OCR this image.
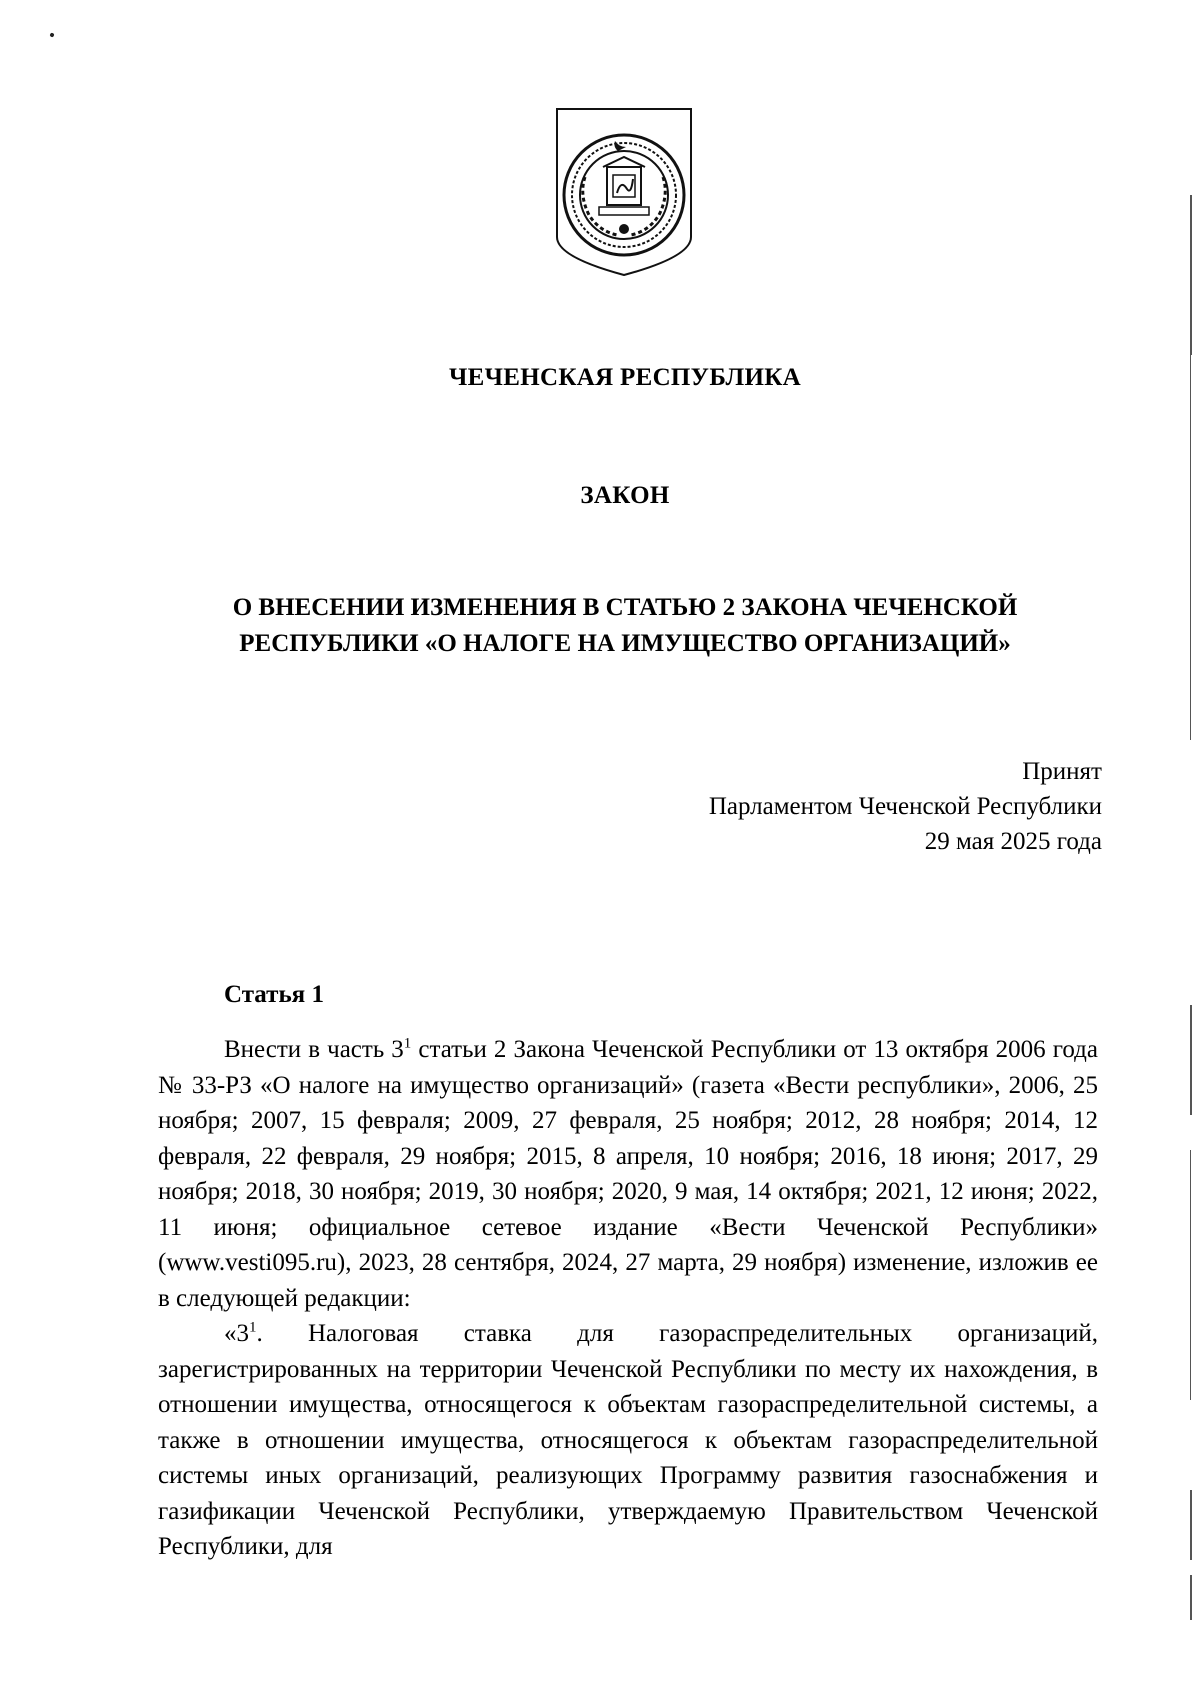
ЧЕЧЕНСКАЯ РЕСПУБЛИКА
ЗАКОН
О ВНЕСЕНИИ ИЗМЕНЕНИЯ В СТАТЬЮ 2 ЗАКОНА ЧЕЧЕНСКОЙ
РЕСПУБЛИКИ «О НАЛОГЕ НА ИМУЩЕСТВО ОРГАНИЗАЦИЙ»
Принят
Парламентом Чеченской Республики
29 мая 2025 года
Статья 1

Внести в часть $3^1$ статьи 2 Закона Чеченской Республики от 13 октября 2006 года № 33-РЗ «О налоге на имущество организаций» (газета «Вести республики», 2006, 25 ноября; 2007, 15 февраля; 2009, 27 февраля, 25 ноября; 2012, 28 ноября; 2014, 12 февраля, 22 февраля, 29 ноября; 2015, 8 апреля, 10 ноября; 2016, 18 июня; 2017, 29 ноября; 2018, 30 ноября; 2019, 30 ноября; 2020, 9 мая, 14 октября; 2021, 12 июня; 2022, 11 июня; официальное сетевое издание «Вести Чеченской Республики» (www.vesti095.ru), 2023, 28 сентября, 2024, 27 марта, 29 ноября) изменение, изложив ее в следующей редакции:

«$3^1$. Налоговая ставка для газораспределительных организаций, зарегистрированных на территории Чеченской Республики по месту их нахождения, в отношении имущества, относящегося к объектам газораспределительной системы, а также в отношении имущества, относящегося к объектам газораспределительной системы иных организаций, реализующих Программу развития газоснабжения и газификации Чеченской Республики, утверждаемую Правительством Чеченской Республики, для
